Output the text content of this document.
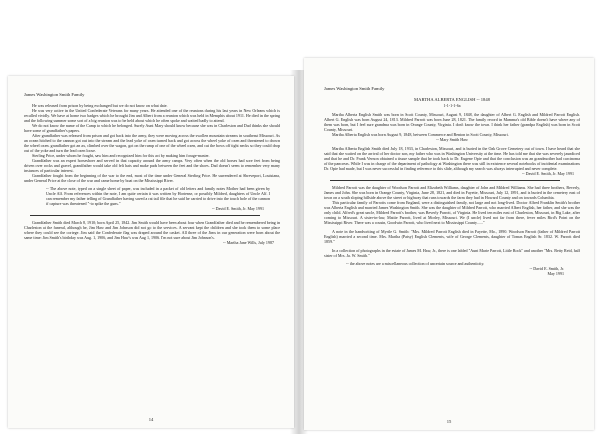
James Washington Smith Family

He was released from prison by being exchanged but we do not know on what date.

He was very active in the United Confederate Veterans for many years. He attended one of the reunions during his last years in New Orleans which is recalled vividly. We have at home two badges which he brought Jim and Albert from a reunion which was held in Memphis about 1911. He died in the spring and the following summer some sort of a big reunion was to be held about which he often spoke and waited badly to attend.

We do not know the name of the Camp to which he belonged. Surely Aunt Mary should know because she was in Charleston and Dad thinks she should have some of grandfather's papers.

After grandfather was released from prison and got back into the army, they were moving across the swollen mountain streams in southeast Missouri. As an ocean hitched to the cannon got out into the stream and the lead yoke of oxen turned back and got across the wheel yoke of oxen and threatened to drown the wheel oxen. grandfather got an ax, climbed over the wagon, got on the rump of one of the wheel oxen, and cut the bows off tight necks so they could drop out of the yoke and turn the lead oxen loose.

Sterling Price, under whom he fought, saw him and recognized him for this act by making him forage-master.

Grandfather was an expert horseshoer and served in that capacity around the army camps. Very often when the old horses had sore feet from being driven over rocks and gravel, grandfather would take old felt hats and make pads between the feet and the shoes. Dad doesn't seem to remember very many instances of particular interest.

Grandfather fought from the beginning of the war to the end, most of the time under General Sterling Price. He surrendered at Shreveport, Louisiana, under General Price at the close of the war and came home by boat on the Mississippi River.

-- The above note, typed on a single sheet of paper, was included in a packet of old letters and family notes Mother had been given by Uncle Alf. From references within the note, I am quite certain it was written by Hortense, or possibly Mildred, daughters of Uncle Alf. I can remember my father telling of Grandfather having saved a rat tail file that he said he carried to drive into the touch hole of the cannon if capture was threatened "-to spike the guns."

-- David E. Smith, Jr. May 1991

Grandfather Smith died March 8, 1910; born April 25, 1842. Jim Smith would have been about four when Grandfather died and he remembered being in Charleston at the funeral, although he, Jim Haw and Jim Johnson did not go to the services. A servant kept the children and she took them to some place where they could see the cortege. Jim said the Confederate flag was draped around the casket. All three of the Jims in our generation were born about the same time: Jim Smith's birthday was Aug. 1, 1906, and Jim Haw's was Aug 1, 1906. I'm not sure about Jim Johnson's.

-- Martha Jane Wills, July 1987

14
James Washington Smith Family
MARTHA ALBERTA ENGLISH -- 1848
1-1-1-1-6a

Martha Alberta English Smith was born in Scott County, Missouri, August 9, 1848, the daughter of Albert G. English and Mildred Parrott English. Albert G. English was born August 24, 1813. Mildred Parrott was born June 28, 1821. The family record in Mamma's old Bible doesn't have where any of them was born, but I feel sure grandma was born in Orange County, Virginia. I don't know the town. I think her father (grandpa English) was born in Scott County, Missouri.

Martha Alberta English was born August 9, 1848, between Commerce and Benton in Scott County, Missouri.

-- Mary Smith Haw

Martha Alberta English Smith died July 18, 1933, in Charleston, Missouri, and is buried in the Oak Grove Cemetery out of town. I have heard that she said that she waited on the arrival of her doctor son, my father who was in Washington University at the time. He has told me that she was severely jaundiced and that he and Dr. Frank Vernon obtained a tissue sample that he took back to Dr. Eugene Opie and that the conclusion was an grandmother had carcinoma of the pancreas. While I was in charge of the department of pathology at Washington there was still in existence several notebooks of incidental examinations Dr. Opie had made, but I was never successful in finding reference to this slide, although my search was always interrupted and never complete.

-- David E. Smith, Jr. May 1991

Mildred Parrott was the daughter of Woodson Parrott and Elizabeth Williams, daughter of John and Mildred Williams. She had three brothers, Beverly, James and John. She was born in Orange County, Virginia, June 28, 1821, and died in Fayette, Missouri, July 12, 1891, and is buried in the cemetery east of town on a south sloping hillside above the street or highway that runs towards the farm they had in Howard County and on towards Columbia.

This particular family of Parrotts come from England, were a distinguished family, not large and not long-lived. Doctor Alfred Franklin Smith's brother was Alberta English and married James Washington Smith. She was the daughter of Mildred Parrott, who married Albert English, her father, and she was the only child. Alfred's great uncle, Mildred Parrott's brother, was Beverly Parrott, of Virginia. He lived ten miles east of Charleston, Missouri, in Big Lake, after coming to Missouri. A sister-in-law, Mattie Parrott, lived at Morley, Missouri. We (I uncle) lived not far from there, fever miles Bird's Point on the Mississippi River. There was a cousin, Goodwin Parrott, who lived next to Mississippi County......"

A note in the handwriting of Myrtle G. Smith: "Mrs. Mildred Parrott English died in Fayette, Mo., 1890. Woodson Parrott (father of Mildred Parrott English) married a second time. Mrs. Martha (Patsy) English Clements, wife of George Clements, daughter of Tomas English Sr. 1832. W. Parrott died 1859."

In a collection of photographs in the estate of James M. Haw, Jr., there is one labled "Aunt Marie Parrott, Little Rock" and another "Mrs. Betty Reid, half sister of Mrs. Ja. W. Smith."

-- the above notes are a miscellaneous collection of uncertain source and authenticity.

-- David E. Smith, Jr.

May 1991

15
